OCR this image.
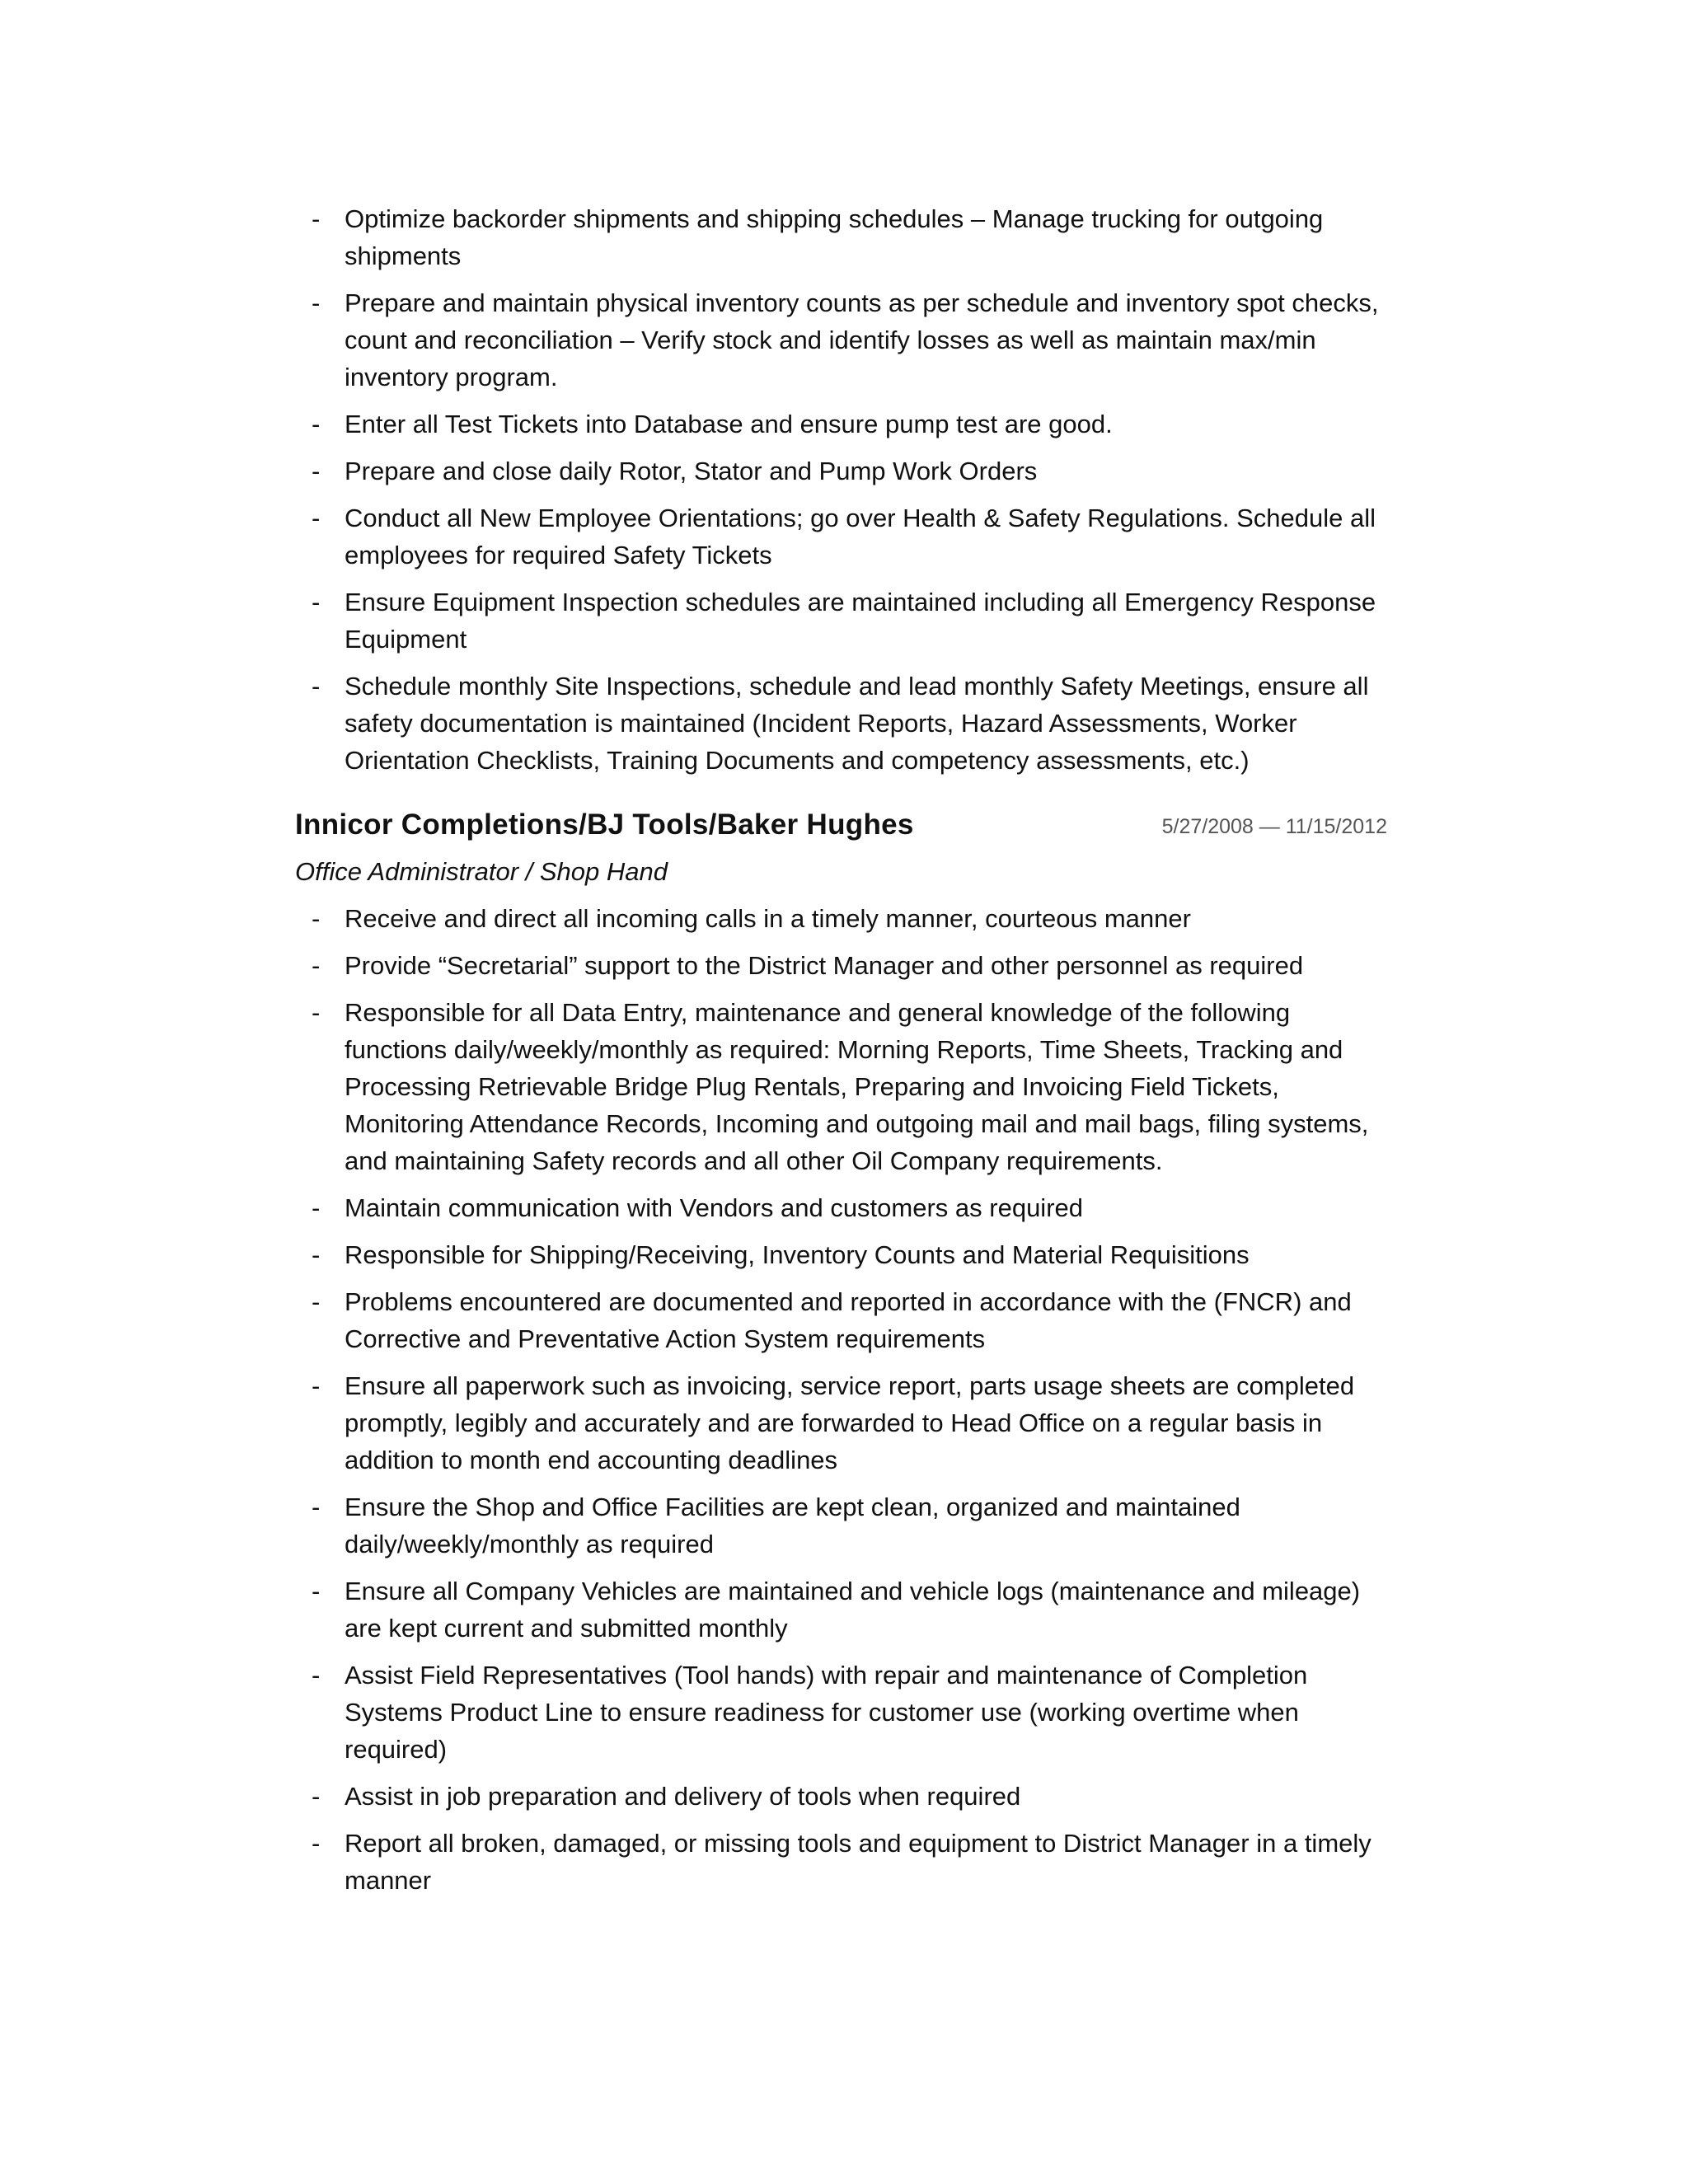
- Optimize backorder shipments and shipping schedules – Manage trucking for outgoing shipments
- Prepare and maintain physical inventory counts as per schedule and inventory spot checks, count and reconciliation – Verify stock and identify losses as well as maintain max/min inventory program.
- Enter all Test Tickets into Database and ensure pump test are good.
- Prepare and close daily Rotor, Stator and Pump Work Orders
- Conduct all New Employee Orientations; go over Health & Safety Regulations. Schedule all employees for required Safety Tickets
- Ensure Equipment Inspection schedules are maintained including all Emergency Response Equipment
- Schedule monthly Site Inspections, schedule and lead monthly Safety Meetings, ensure all safety documentation is maintained (Incident Reports, Hazard Assessments, Worker Orientation Checklists, Training Documents and competency assessments, etc.)
Innicor Completions/BJ Tools/Baker Hughes	5/27/2008 — 11/15/2012
Office Administrator / Shop Hand
- Receive and direct all incoming calls in a timely manner, courteous manner
- Provide “Secretarial” support to the District Manager and other personnel as required
- Responsible for all Data Entry, maintenance and general knowledge of the following functions daily/weekly/monthly as required: Morning Reports, Time Sheets, Tracking and Processing Retrievable Bridge Plug Rentals, Preparing and Invoicing Field Tickets, Monitoring Attendance Records, Incoming and outgoing mail and mail bags, filing systems, and maintaining Safety records and all other Oil Company requirements.
- Maintain communication with Vendors and customers as required
- Responsible for Shipping/Receiving, Inventory Counts and Material Requisitions
- Problems encountered are documented and reported in accordance with the (FNCR) and Corrective and Preventative Action System requirements
- Ensure all paperwork such as invoicing, service report, parts usage sheets are completed promptly, legibly and accurately and are forwarded to Head Office on a regular basis in addition to month end accounting deadlines
- Ensure the Shop and Office Facilities are kept clean, organized and maintained daily/weekly/monthly as required
- Ensure all Company Vehicles are maintained and vehicle logs (maintenance and mileage) are kept current and submitted monthly
- Assist Field Representatives (Tool hands) with repair and maintenance of Completion Systems Product Line to ensure readiness for customer use (working overtime when required)
- Assist in job preparation and delivery of tools when required
- Report all broken, damaged, or missing tools and equipment to District Manager in a timely manner
